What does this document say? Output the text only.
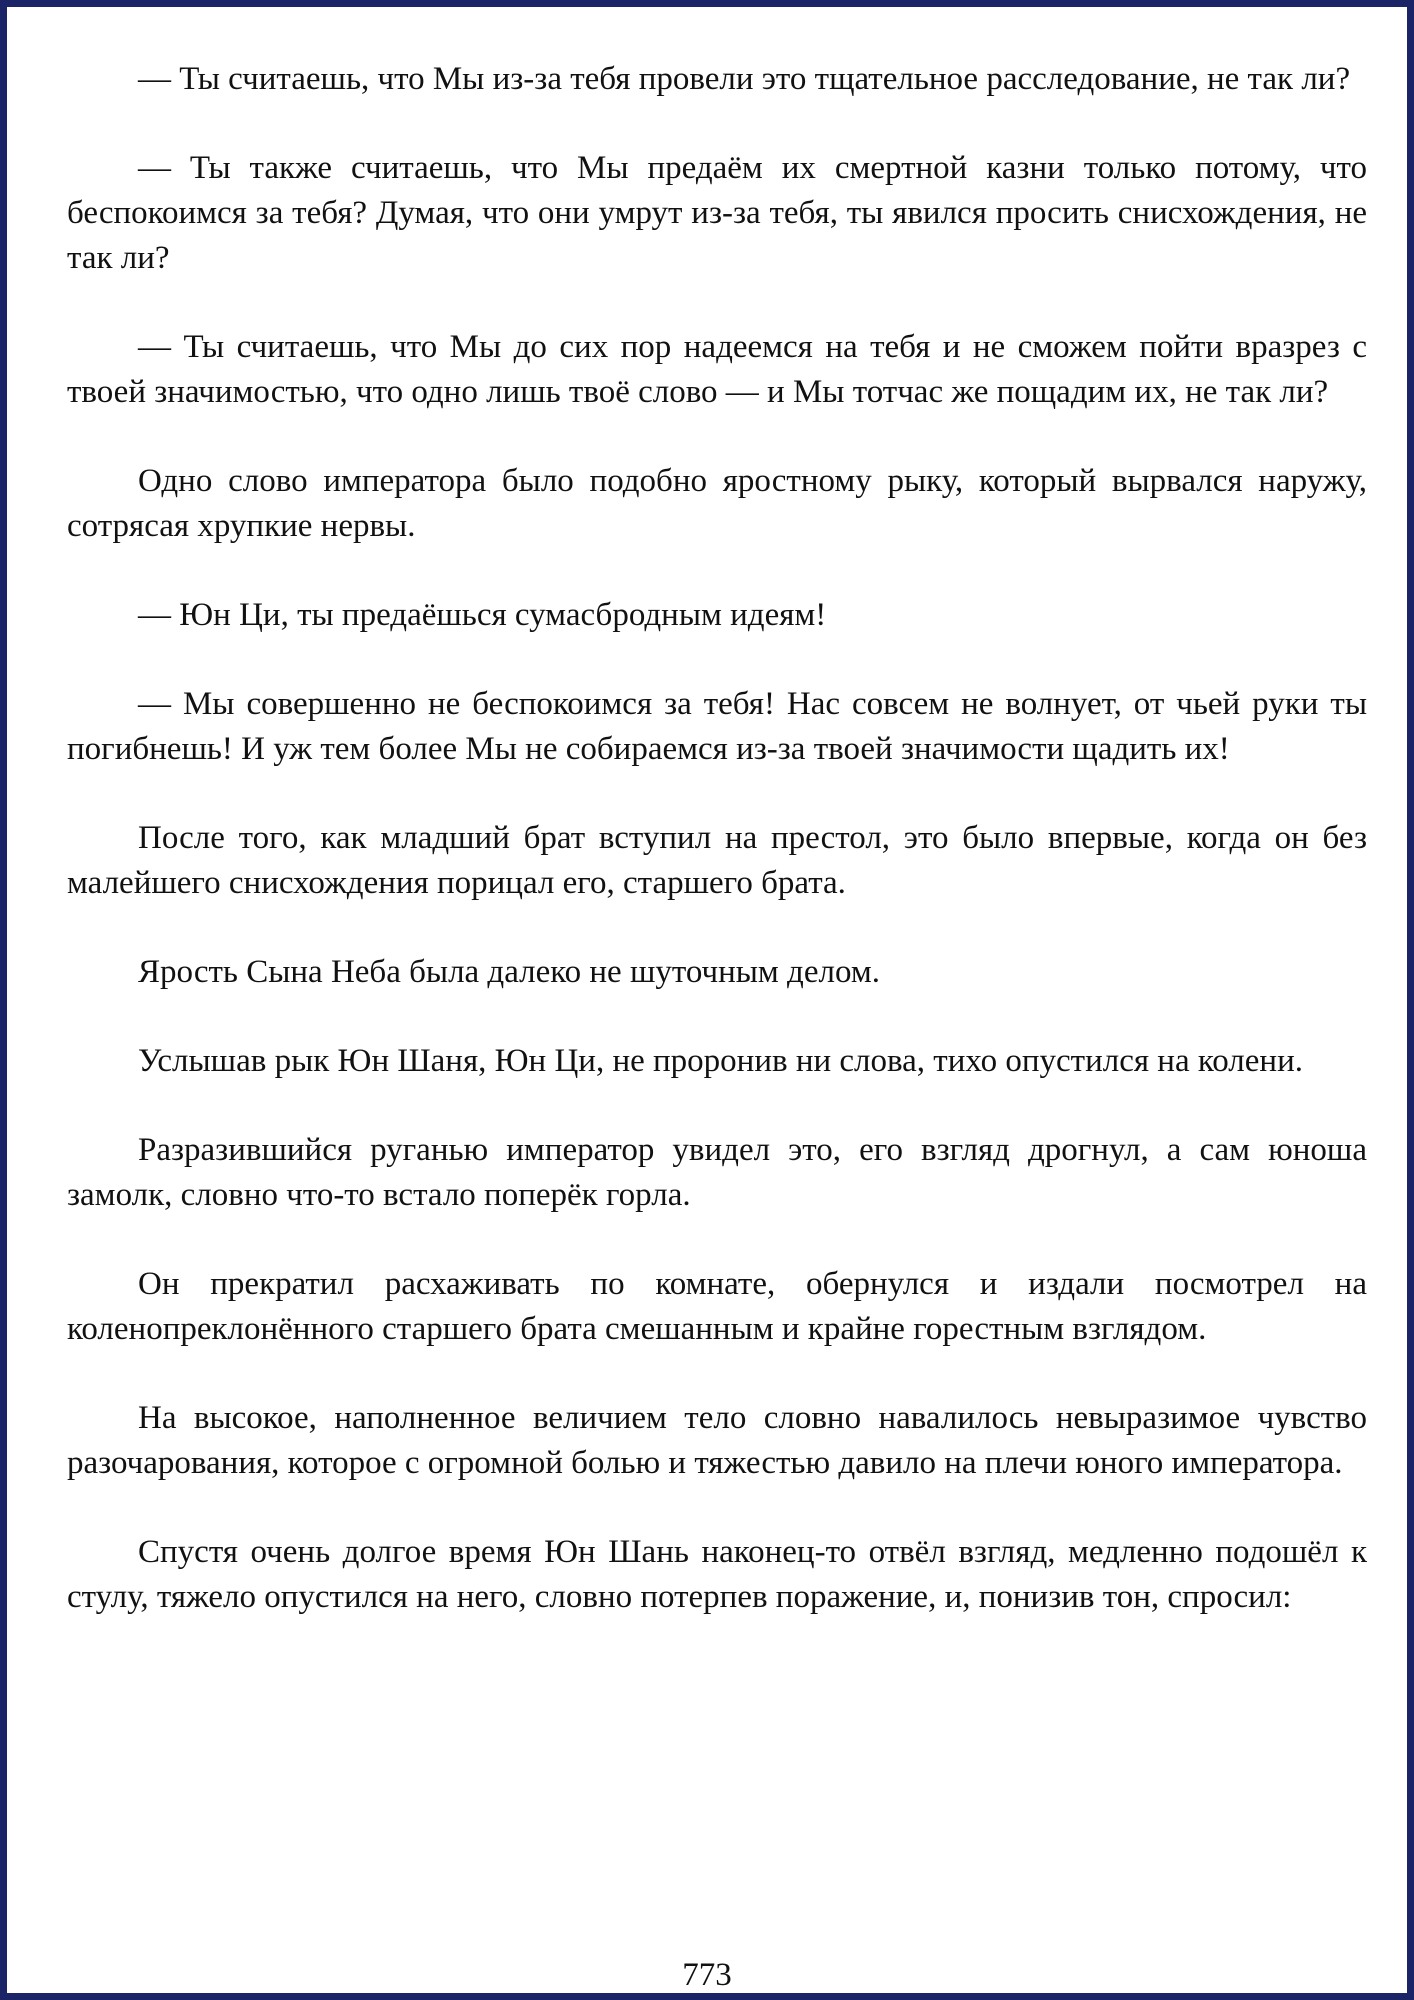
— Ты считаешь, что Мы из-за тебя провели это тщательное расследование, не так ли?

— Ты также считаешь, что Мы предаём их смертной казни только потому, что беспокоимся за тебя? Думая, что они умрут из-за тебя, ты явился просить снисхождения, не так ли?

— Ты считаешь, что Мы до сих пор надеемся на тебя и не сможем пойти вразрез с твоей значимостью, что одно лишь твоё слово — и Мы тотчас же пощадим их, не так ли?

Одно слово императора было подобно яростному рыку, который вырвался наружу, сотрясая хрупкие нервы.

— Юн Ци, ты предаёшься сумасбродным идеям!

— Мы совершенно не беспокоимся за тебя! Нас совсем не волнует, от чьей руки ты погибнешь! И уж тем более Мы не собираемся из-за твоей значимости щадить их!

После того, как младший брат вступил на престол, это было впервые, когда он без малейшего снисхождения порицал его, старшего брата.

Ярость Сына Неба была далеко не шуточным делом.

Услышав рык Юн Шаня, Юн Ци, не проронив ни слова, тихо опустился на колени.

Разразившийся руганью император увидел это, его взгляд дрогнул, а сам юноша замолк, словно что-то встало поперёк горла.

Он прекратил расхаживать по комнате, обернулся и издали посмотрел на коленопреклонённого старшего брата смешанным и крайне горестным взглядом.

На высокое, наполненное величием тело словно навалилось невыразимое чувство разочарования, которое с огромной болью и тяжестью давило на плечи юного императора.

Спустя очень долгое время Юн Шань наконец-то отвёл взгляд, медленно подошёл к стулу, тяжело опустился на него, словно потерпев поражение, и, понизив тон, спросил:

773
